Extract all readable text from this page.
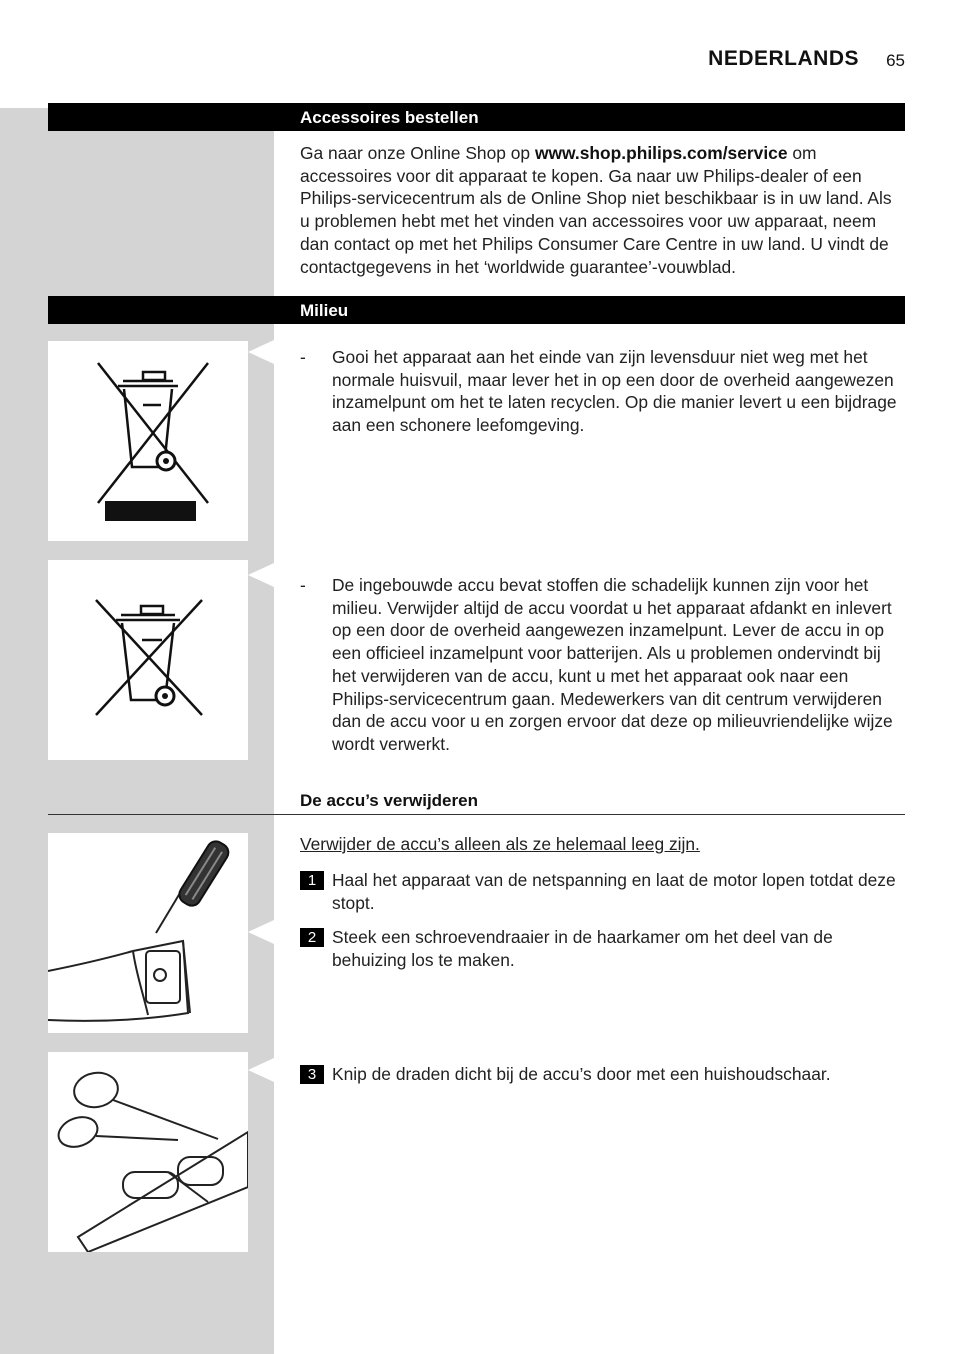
NEDERLANDS 65
Accessoires bestellen
Ga naar onze Online Shop op www.shop.philips.com/service om accessoires voor dit apparaat te kopen. Ga naar uw Philips-dealer of een Philips-servicecentrum als de Online Shop niet beschikbaar is in uw land. Als u problemen hebt met het vinden van accessoires voor uw apparaat, neem dan contact op met het Philips Consumer Care Centre in uw land. U vindt de contactgegevens in het ‘worldwide guarantee’-vouwblad.
Milieu
- Gooi het apparaat aan het einde van zijn levensduur niet weg met het normale huisvuil, maar lever het in op een door de overheid aangewezen inzamelpunt om het te laten recyclen. Op die manier levert u een bijdrage aan een schonere leefomgeving.
- De ingebouwde accu bevat stoffen die schadelijk kunnen zijn voor het milieu. Verwijder altijd de accu voordat u het apparaat afdankt en inlevert op een door de overheid aangewezen inzamelpunt. Lever de accu in op een officieel inzamelpunt voor batterijen. Als u problemen ondervindt bij het verwijderen van de accu, kunt u met het apparaat ook naar een Philips-servicecentrum gaan. Medewerkers van dit centrum verwijderen dan de accu voor u en zorgen ervoor dat deze op milieuvriendelijke wijze wordt verwerkt.
De accu’s verwijderen
Verwijder de accu’s alleen als ze helemaal leeg zijn.
1 Haal het apparaat van de netspanning en laat de motor lopen totdat deze stopt.
2 Steek een schroevendraaier in de haarkamer om het deel van de behuizing los te maken.
3 Knip de draden dicht bij de accu’s door met een huishoudschaar.
